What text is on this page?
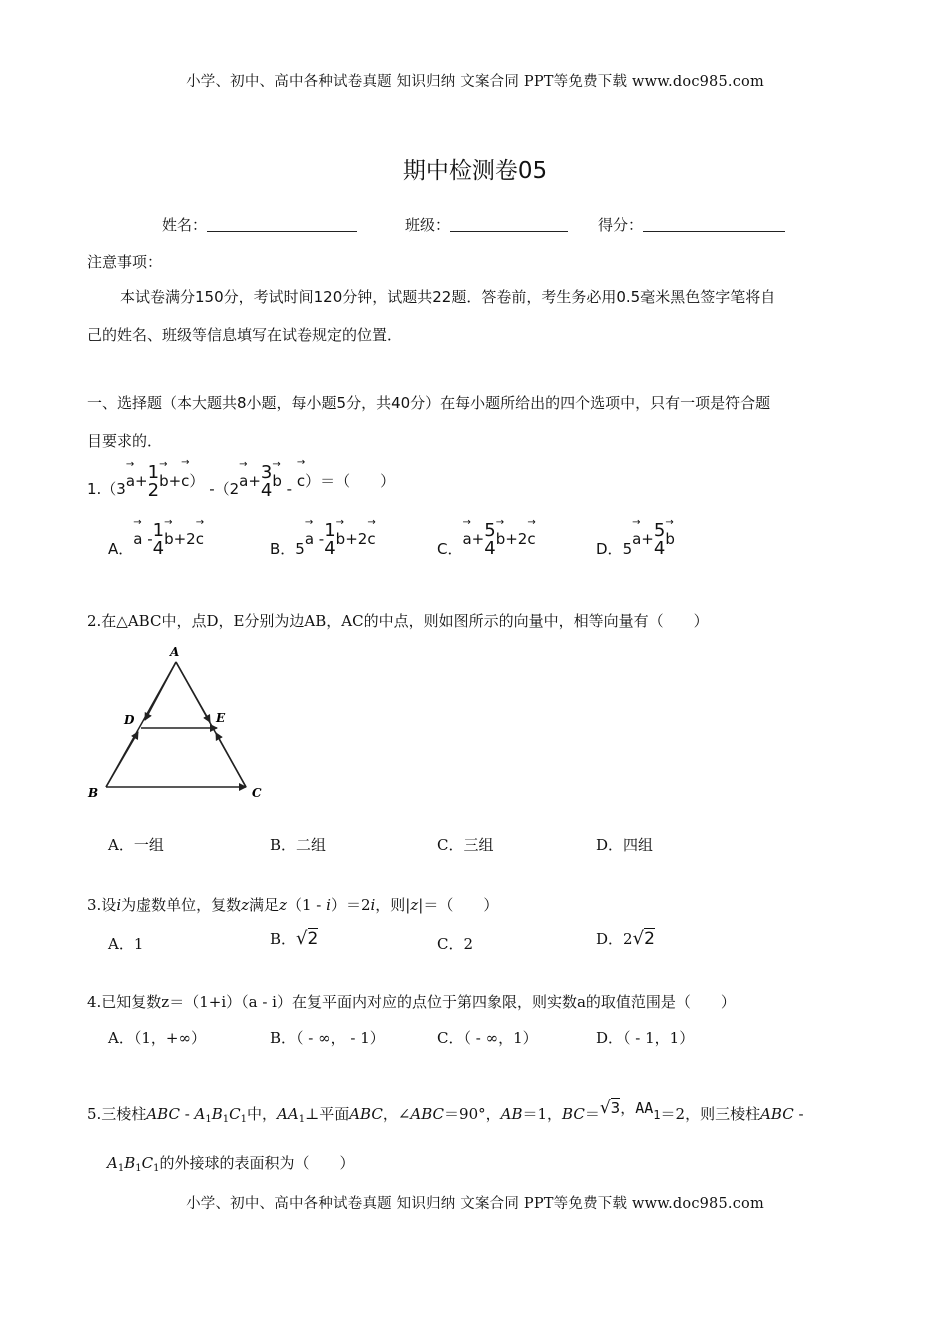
小学、初中、高中各种试卷真题 知识归纳 文案合同 PPT等免费下载 www.doc985.com
期中检测卷05
姓名：	班级：	得分：
注意事项：
本试卷满分150分，考试时间120分钟，试题共22题．答卷前，考生务必用0.5毫米黑色签字笔将自
己的姓名、班级等信息填写在试卷规定的位置．
一、选择题（本大题共8小题，每小题5分，共40分）在每小题所给出的四个选项中，只有一项是符合题
目要求的．
1.（3→ a+ 1
2 → b+→ c） -（2→ a+ 3
4 → b - → c）＝（　　）
A．→ a - 1
4 → b+2→ c
B．5→ a - 1
4 → b+2→ c
C．→ a+ 5
4 → b+2→ c
D．5→ a+ 5
4 → b
2.在△ABC中，点D，E分别为边AB，AC的中点，则如图所示的向量中，相等向量有（　　）
A
D	E
B	C
A．一组	B．二组	C．三组	D．四组
3.设i为虚数单位，复数z满足z（1 - i）＝2i，则|z|＝（　　）
A．1	B．√2	C．2	D．2√2
4.已知复数z＝（1+i）（a - i）在复平面内对应的点位于第四象限，则实数a的取值范围是（　　）
A．（1，+∞）	B．（ - ∞， - 1）	C．（ - ∞，1）	D．（ - 1，1）
5.三棱柱ABC - $A_1B_1C_1$中，$AA_1\perp$平面ABC，∠ABC＝90°，AB＝1，BC＝√3，AA1＝2，则三棱柱ABC -
$A_1B_1C_1$的外接球的表面积为（　　）
小学、初中、高中各种试卷真题 知识归纳 文案合同 PPT等免费下载 www.doc985.com
